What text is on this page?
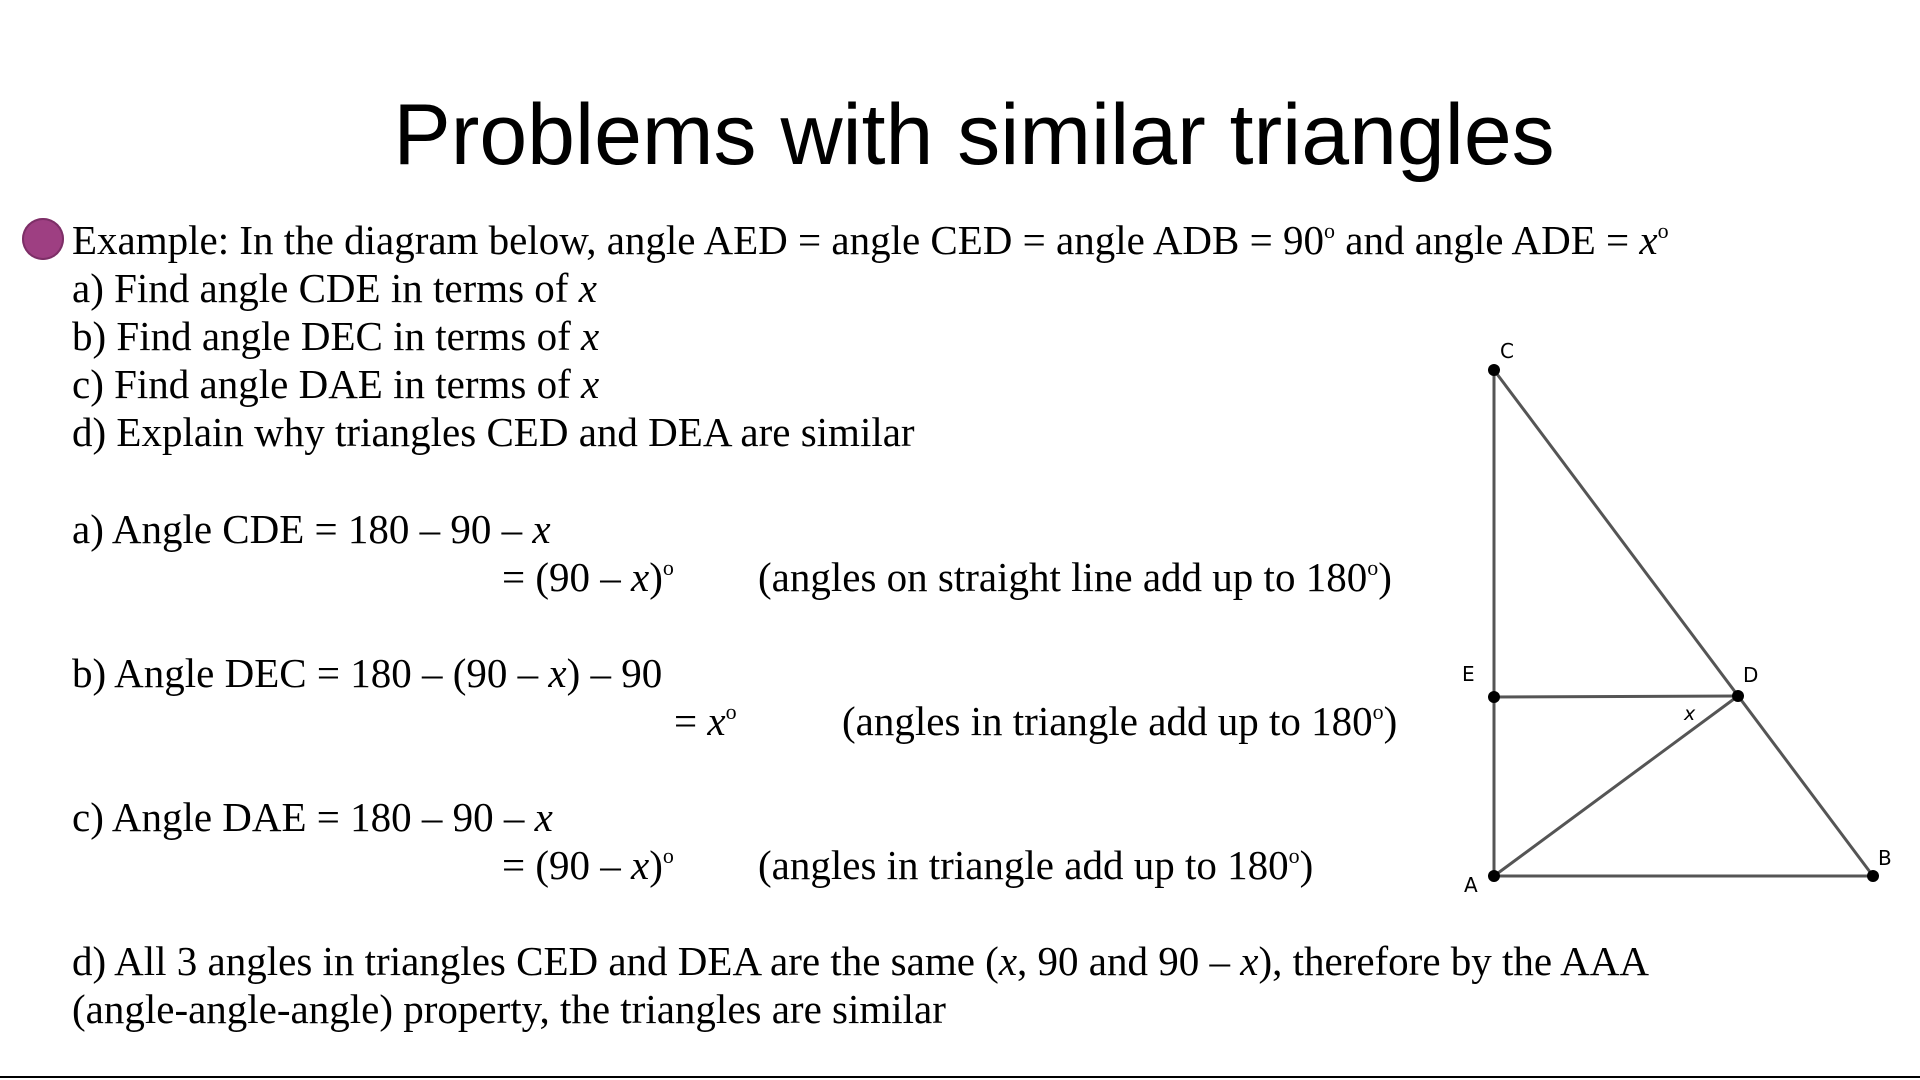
Problems with similar triangles
Example: In the diagram below, angle AED = angle CED = angle ADB = $90^o$ and angle ADE = $x^o$
a) Find angle CDE in terms of x
b) Find angle DEC in terms of x
c) Find angle DAE in terms of x
d) Explain why triangles CED and DEA are similar
a) Angle CDE = 180 – 90 – x
= (90 – x)$^o$ (angles on straight line add up to 180$^o$)
b) Angle DEC = 180 – (90 – x) – 90
= $x^o$	(angles in triangle add up to 180$^o$)
c) Angle DAE = 180 – 90 – x
= (90 – x)$^o$ (angles in triangle add up to 180$^o$)
d) All 3 angles in triangles CED and DEA are the same (x, 90 and 90 – x), therefore by the AAA
(angle-angle-angle) property, the triangles are similar
C
E	D
A
B
x
